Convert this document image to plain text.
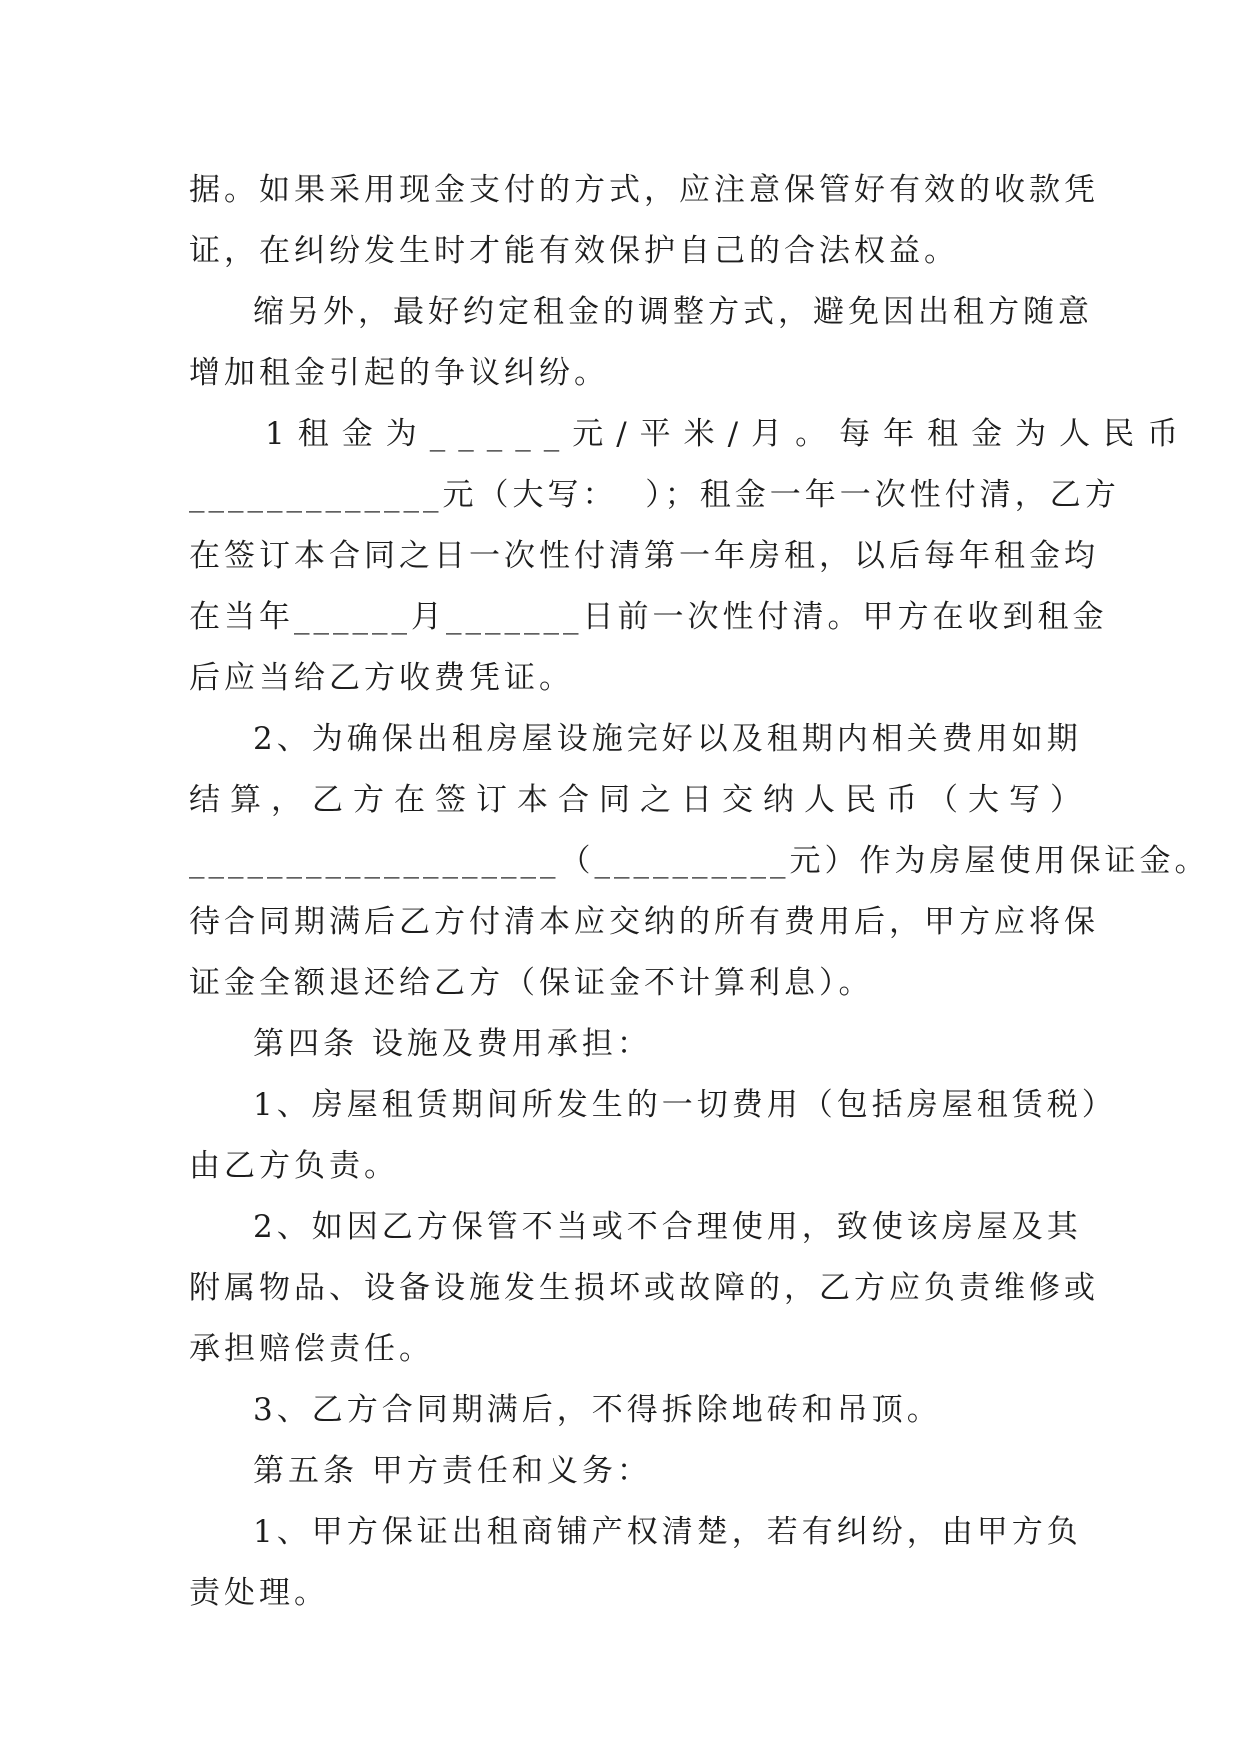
据。如果采用现金支付的方式，应注意保管好有效的收款凭
证，在纠纷发生时才能有效保护自己的合法权益。
缩另外，最好约定租金的调整方式，避免因出租方随意
增加租金引起的争议纠纷。
1租金为_____元/平米/月。每年租金为人民币
_____________元（大写：  ）；租金一年一次性付清，乙方
在签订本合同之日一次性付清第一年房租，以后每年租金均
在当年______月_______日前一次性付清。甲方在收到租金
后应当给乙方收费凭证。
2、为确保出租房屋设施完好以及租期内相关费用如期
结算，乙方在签订本合同之日交纳人民币（大写）
___________________（__________元）作为房屋使用保证金。
待合同期满后乙方付清本应交纳的所有费用后，甲方应将保
证金全额退还给乙方（保证金不计算利息）。
第四条 设施及费用承担：
1、房屋租赁期间所发生的一切费用（包括房屋租赁税）
由乙方负责。
2、如因乙方保管不当或不合理使用，致使该房屋及其
附属物品、设备设施发生损坏或故障的，乙方应负责维修或
承担赔偿责任。
3、乙方合同期满后，不得拆除地砖和吊顶。
第五条 甲方责任和义务：
1、甲方保证出租商铺产权清楚，若有纠纷，由甲方负
责处理。
